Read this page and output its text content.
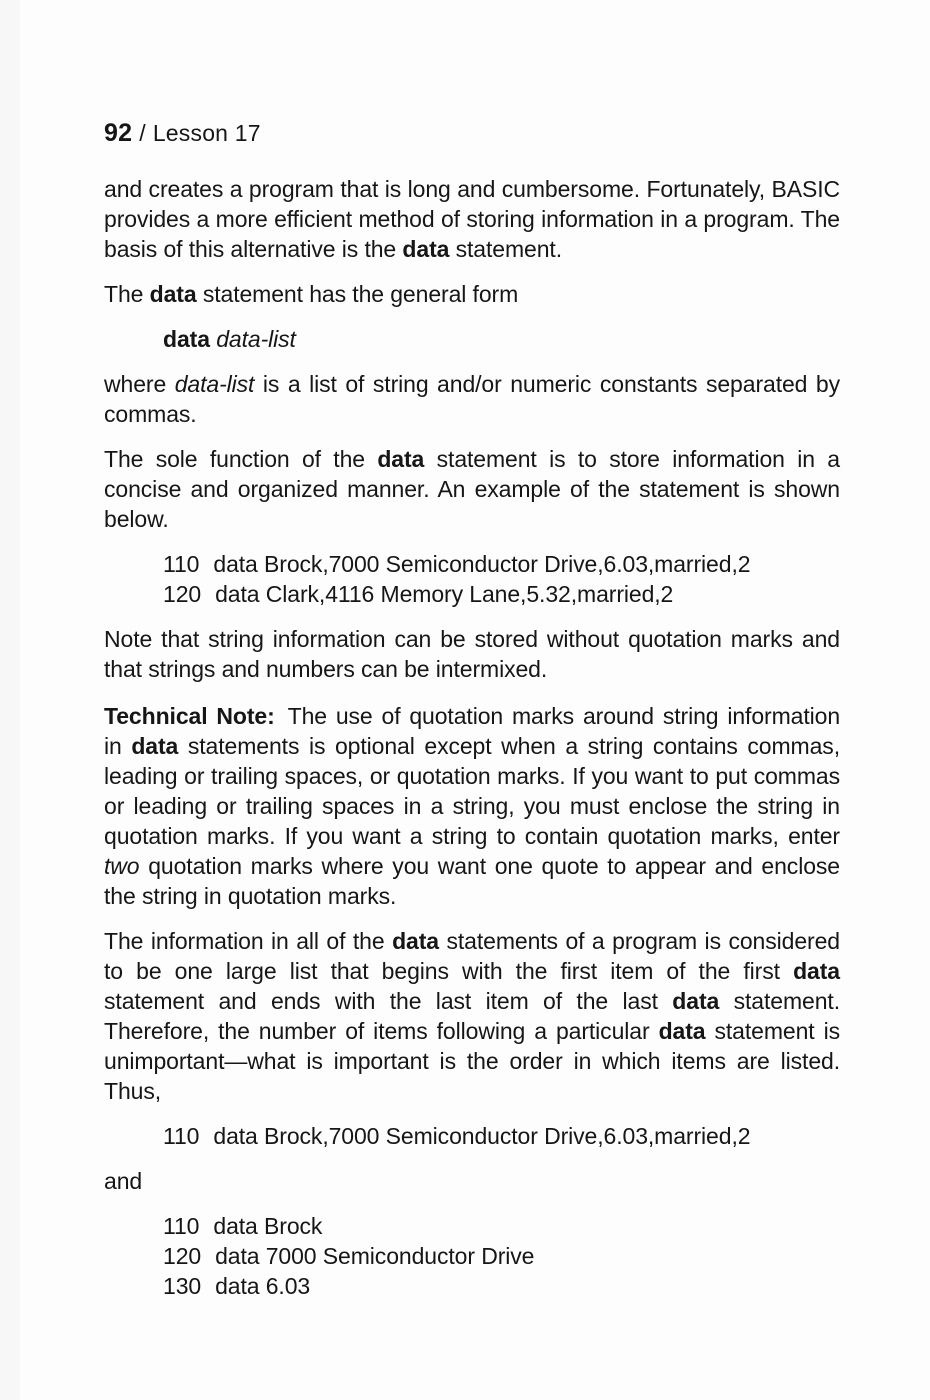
92 / Lesson 17

and creates a program that is long and cumbersome. Fortunately, BASIC provides a more efficient method of storing information in a program. The basis of this alternative is the data statement.

The data statement has the general form

data data-list

where data-list is a list of string and/or numeric constants separated by commas.

The sole function of the data statement is to store information in a concise and organized manner. An example of the statement is shown below.

110 data Brock,7000 Semiconductor Drive,6.03,married,2
120 data Clark,4116 Memory Lane,5.32,married,2

Note that string information can be stored without quotation marks and that strings and numbers can be intermixed.

Technical Note: The use of quotation marks around string information in data statements is optional except when a string contains commas, leading or trailing spaces, or quotation marks. If you want to put commas or leading or trailing spaces in a string, you must enclose the string in quotation marks. If you want a string to contain quotation marks, enter two quotation marks where you want one quote to appear and enclose the string in quotation marks.

The information in all of the data statements of a program is considered to be one large list that begins with the first item of the first data statement and ends with the last item of the last data statement. Therefore, the number of items following a particular data statement is unimportant—what is important is the order in which items are listed. Thus,

110 data Brock,7000 Semiconductor Drive,6.03,married,2

and

110 data Brock
120 data 7000 Semiconductor Drive
130 data 6.03
